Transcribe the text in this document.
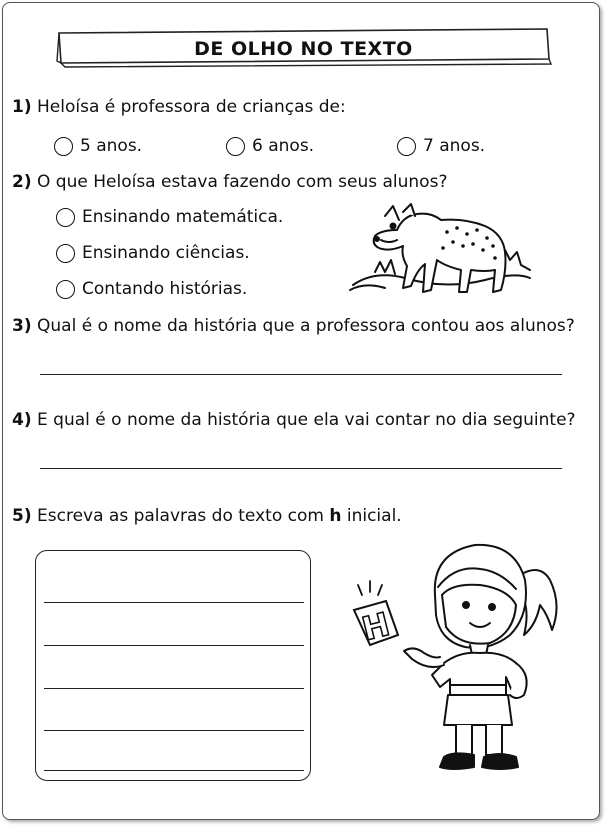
DE OLHO NO TEXTO
1) Heloísa é professora de crianças de:
5 anos.	6 anos.	7 anos.
2) O que Heloísa estava fazendo com seus alunos?
Ensinando matemática.
Ensinando ciências.
Contando histórias.
3) Qual é o nome da história que a professora contou aos alunos?
4) E qual é o nome da história que ela vai contar no dia seguinte?
5) Escreva as palavras do texto com h inicial.
H
